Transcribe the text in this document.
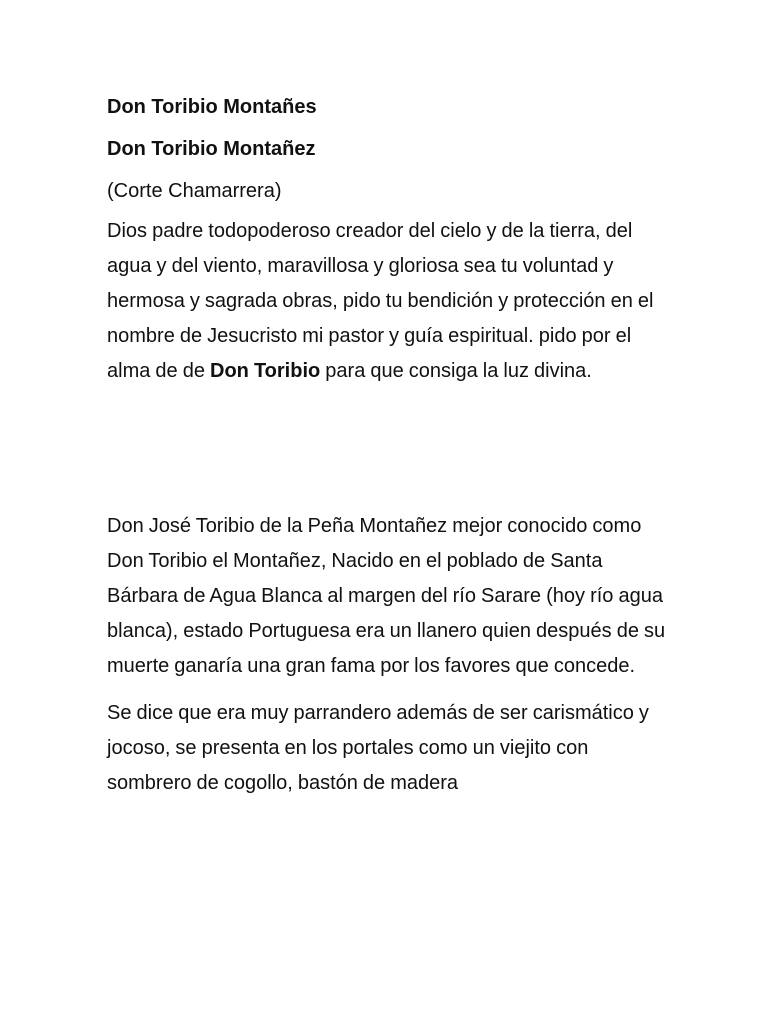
Don Toribio Montañes
Don Toribio Montañez
(Corte Chamarrera)
Dios padre todopoderoso creador del cielo y de la tierra, del agua y del viento, maravillosa y gloriosa sea tu voluntad y hermosa y sagrada obras, pido tu bendición y protección en el nombre de Jesucristo mi pastor y guía espiritual. pido por el alma de de Don Toribio para que consiga la luz divina.
Don José Toribio de la Peña Montañez mejor conocido como Don Toribio el Montañez, Nacido en el poblado de Santa Bárbara de Agua Blanca al margen del río Sarare (hoy río agua blanca), estado Portuguesa era un llanero quien después de su muerte ganaría una gran fama por los favores que concede.
Se dice que era muy parrandero además de ser carismático y jocoso, se presenta en los portales como un viejito con sombrero de cogollo, bastón de madera
